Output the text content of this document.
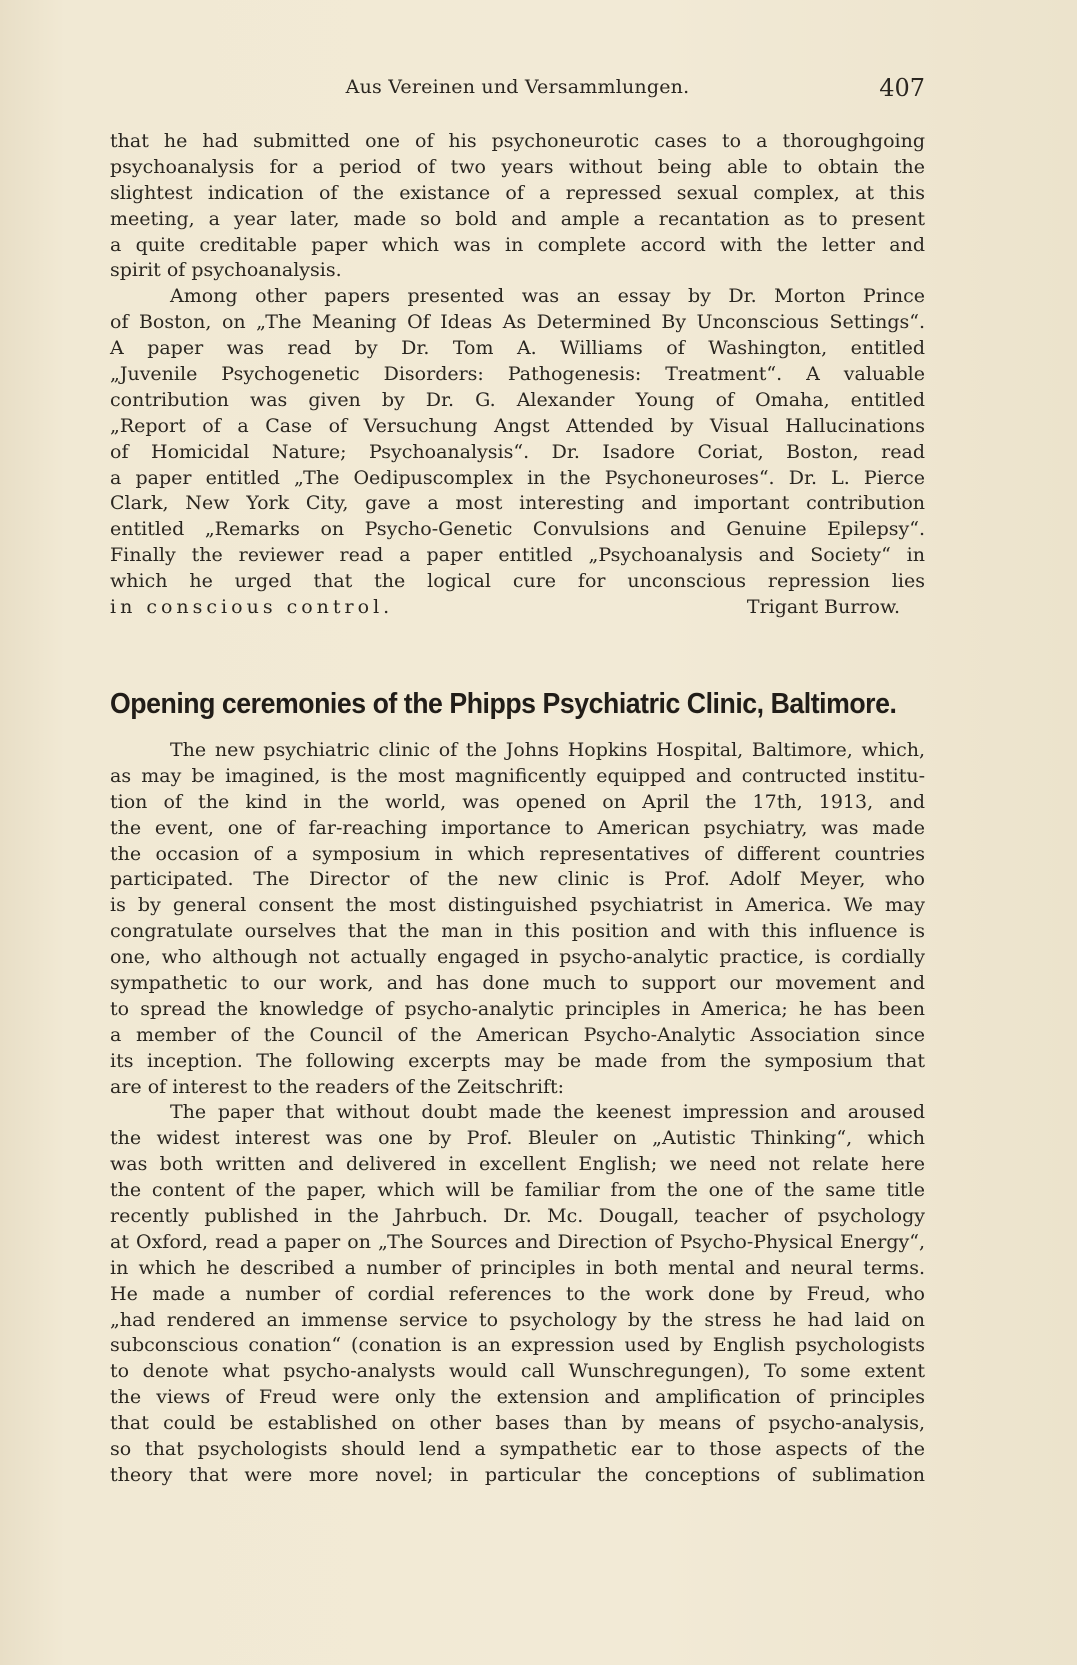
Aus Vereinen und Versammlungen.	407
that he had submitted one of his psychoneurotic cases to a thoroughgoing
psychoanalysis for a period of two years without being able to obtain the
slightest indication of the existance of a repressed sexual complex, at this
meeting, a year later, made so bold and ample a recantation as to present
a quite creditable paper which was in complete accord with the letter and
spirit of psychoanalysis.
Among other papers presented was an essay by Dr. Morton Prince
of Boston, on „The Meaning Of Ideas As Determined By Unconscious Settings“.
A paper was read by Dr. Tom A. Williams of Washington, entitled
„Juvenile Psychogenetic Disorders: Pathogenesis: Treatment“. A valuable
contribution was given by Dr. G. Alexander Young of Omaha, entitled
„Report of a Case of Versuchung Angst Attended by Visual Hallucinations
of Homicidal Nature; Psychoanalysis“. Dr. Isadore Coriat, Boston, read
a paper entitled „The Oedipuscomplex in the Psychoneuroses“. Dr. L. Pierce
Clark, New York City, gave a most interesting and important contribution
entitled „Remarks on Psycho-Genetic Convulsions and Genuine Epilepsy“.
Finally the reviewer read a paper entitled „Psychoanalysis and Society“ in
which he urged that the logical cure for unconscious repression lies
in conscious control.	Trigant Burrow.
Opening ceremonies of the Phipps Psychiatric Clinic, Baltimore.
The new psychiatric clinic of the Johns Hopkins Hospital, Baltimore, which,
as may be imagined, is the most magnificently equipped and contructed institu-
tion of the kind in the world, was opened on April the 17th, 1913, and
the event, one of far-reaching importance to American psychiatry, was made
the occasion of a symposium in which representatives of different countries
participated. The Director of the new clinic is Prof. Adolf Meyer, who
is by general consent the most distinguished psychiatrist in America. We may
congratulate ourselves that the man in this position and with this influence is
one, who although not actually engaged in psycho-analytic practice, is cordially
sympathetic to our work, and has done much to support our movement and
to spread the knowledge of psycho-analytic principles in America; he has been
a member of the Council of the American Psycho-Analytic Association since
its inception. The following excerpts may be made from the symposium that
are of interest to the readers of the Zeitschrift:
The paper that without doubt made the keenest impression and aroused
the widest interest was one by Prof. Bleuler on „Autistic Thinking“, which
was both written and delivered in excellent English; we need not relate here
the content of the paper, which will be familiar from the one of the same title
recently published in the Jahrbuch. Dr. Mc. Dougall, teacher of psychology
at Oxford, read a paper on „The Sources and Direction of Psycho-Physical Energy“,
in which he described a number of principles in both mental and neural terms.
He made a number of cordial references to the work done by Freud, who
„had rendered an immense service to psychology by the stress he had laid on
subconscious conation“ (conation is an expression used by English psychologists
to denote what psycho-analysts would call Wunschregungen), To some extent
the views of Freud were only the extension and amplification of principles
that could be established on other bases than by means of psycho-analysis,
so that psychologists should lend a sympathetic ear to those aspects of the
theory that were more novel; in particular the conceptions of sublimation
